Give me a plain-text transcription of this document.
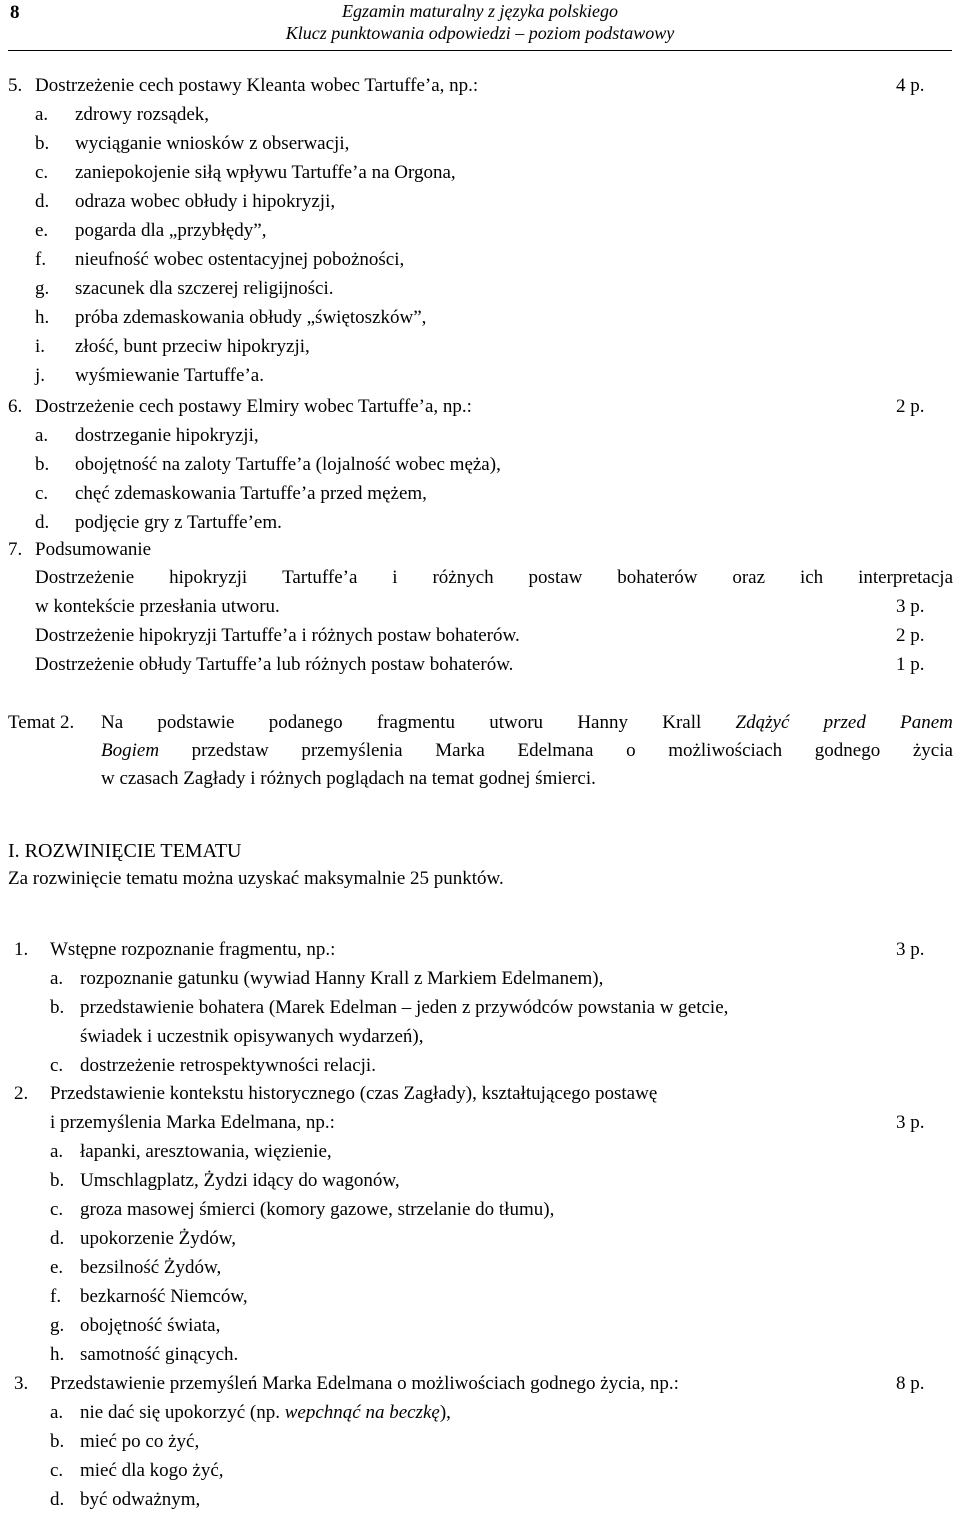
8	Egzamin maturalny z języka polskiego
Klucz punktowania odpowiedzi – poziom podstawowy
5. Dostrzeżenie cech postawy Kleanta wobec Tartuffe’a, np.:	4 p.
a. zdrowy rozsądek,
b. wyciąganie wniosków z obserwacji,
c. zaniepokojenie siłą wpływu Tartuffe’a na Orgona,
d. odraza wobec obłudy i hipokryzji,
e. pogarda dla „przybłędy”,
f. nieufność wobec ostentacyjnej pobożności,
g. szacunek dla szczerej religijności.
h. próba zdemaskowania obłudy „świętoszków”,
i. złość, bunt przeciw hipokryzji,
j. wyśmiewanie Tartuffe’a.
6. Dostrzeżenie cech postawy Elmiry wobec Tartuffe’a, np.:	2 p.
a. dostrzeganie hipokryzji,
b. obojętność na zaloty Tartuffe’a (lojalność wobec męża),
c. chęć zdemaskowania Tartuffe’a przed mężem,
d. podjęcie gry z Tartuffe’em.
7. Podsumowanie
Dostrzeżenie hipokryzji Tartuffe’a i różnych postaw bohaterów oraz ich interpretacja
w kontekście przesłania utworu.	3 p.
Dostrzeżenie hipokryzji Tartuffe’a i różnych postaw bohaterów.	2 p.
Dostrzeżenie obłudy Tartuffe’a lub różnych postaw bohaterów.	1 p.
Temat 2. Na podstawie podanego fragmentu utworu Hanny Krall Zdążyć przed Panem
Bogiem przedstaw przemyślenia Marka Edelmana o możliwościach godnego życia
w czasach Zagłady i różnych poglądach na temat godnej śmierci.
I. ROZWINIĘCIE TEMATU
Za rozwinięcie tematu można uzyskać maksymalnie 25 punktów.
1. Wstępne rozpoznanie fragmentu, np.:	3 p.
a. rozpoznanie gatunku (wywiad Hanny Krall z Markiem Edelmanem),
b. przedstawienie bohatera (Marek Edelman – jeden z przywódców powstania w getcie,
świadek i uczestnik opisywanych wydarzeń),
c. dostrzeżenie retrospektywności relacji.
2. Przedstawienie kontekstu historycznego (czas Zagłady), kształtującego postawę
i przemyślenia Marka Edelmana, np.:	3 p.
a. łapanki, aresztowania, więzienie,
b. Umschlagplatz, Żydzi idący do wagonów,
c. groza masowej śmierci (komory gazowe, strzelanie do tłumu),
d. upokorzenie Żydów,
e. bezsilność Żydów,
f. bezkarność Niemców,
g. obojętność świata,
h. samotność ginących.
3. Przedstawienie przemyśleń Marka Edelmana o możliwościach godnego życia, np.:	8 p.
a. nie dać się upokorzyć (np. wepchnąć na beczkę),
b. mieć po co żyć,
c. mieć dla kogo żyć,
d. być odważnym,
